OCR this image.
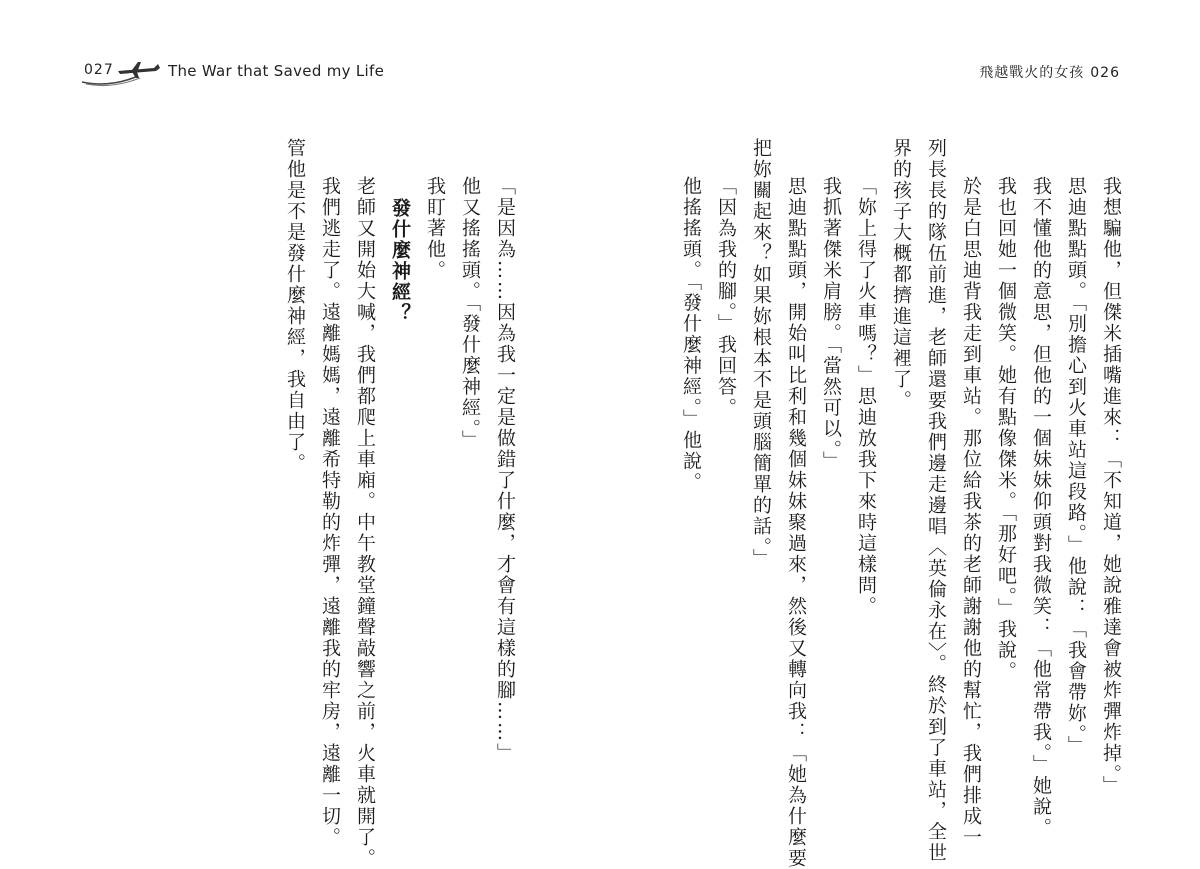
027	The War that Saved my Life
「是因為……因為我一定是做錯了什麼，才會有這樣的腳……」
他又搖搖頭。「發什麼神經。」
我盯著他。
發什麼神經？
老師又開始大喊，我們都爬上車廂。中午教堂鐘聲敲響之前，火車就開了。
我們逃走了。遠離媽媽，遠離希特勒的炸彈，遠離我的牢房，遠離一切。
管他是不是發什麼神經，我自由了。
飛越戰火的女孩 026
我想騙他，但傑米插嘴進來：「不知道，她說雅達會被炸彈炸掉。」
思迪點點頭。「別擔心到火車站這段路。」他說：「我會帶妳。」
我不懂他的意思，但他的一個妹妹仰頭對我微笑：「他常帶我。」她說。
我也回她一個微笑。她有點像傑米。「那好吧。」我說。
於是白思迪背我走到車站。那位給我茶的老師謝謝他的幫忙，我們排成一
列長長的隊伍前進，老師還要我們邊走邊唱〈英倫永在〉。終於到了車站，全世
界的孩子大概都擠進這裡了。
「妳上得了火車嗎？」思迪放我下來時這樣問。
我抓著傑米肩膀。「當然可以。」
思迪點點頭，開始叫比利和幾個妹妹聚過來，然後又轉向我：「她為什麼要
把妳關起來？如果妳根本不是頭腦簡單的話。」
「因為我的腳。」我回答。
他搖搖頭。「發什麼神經。」他說。
